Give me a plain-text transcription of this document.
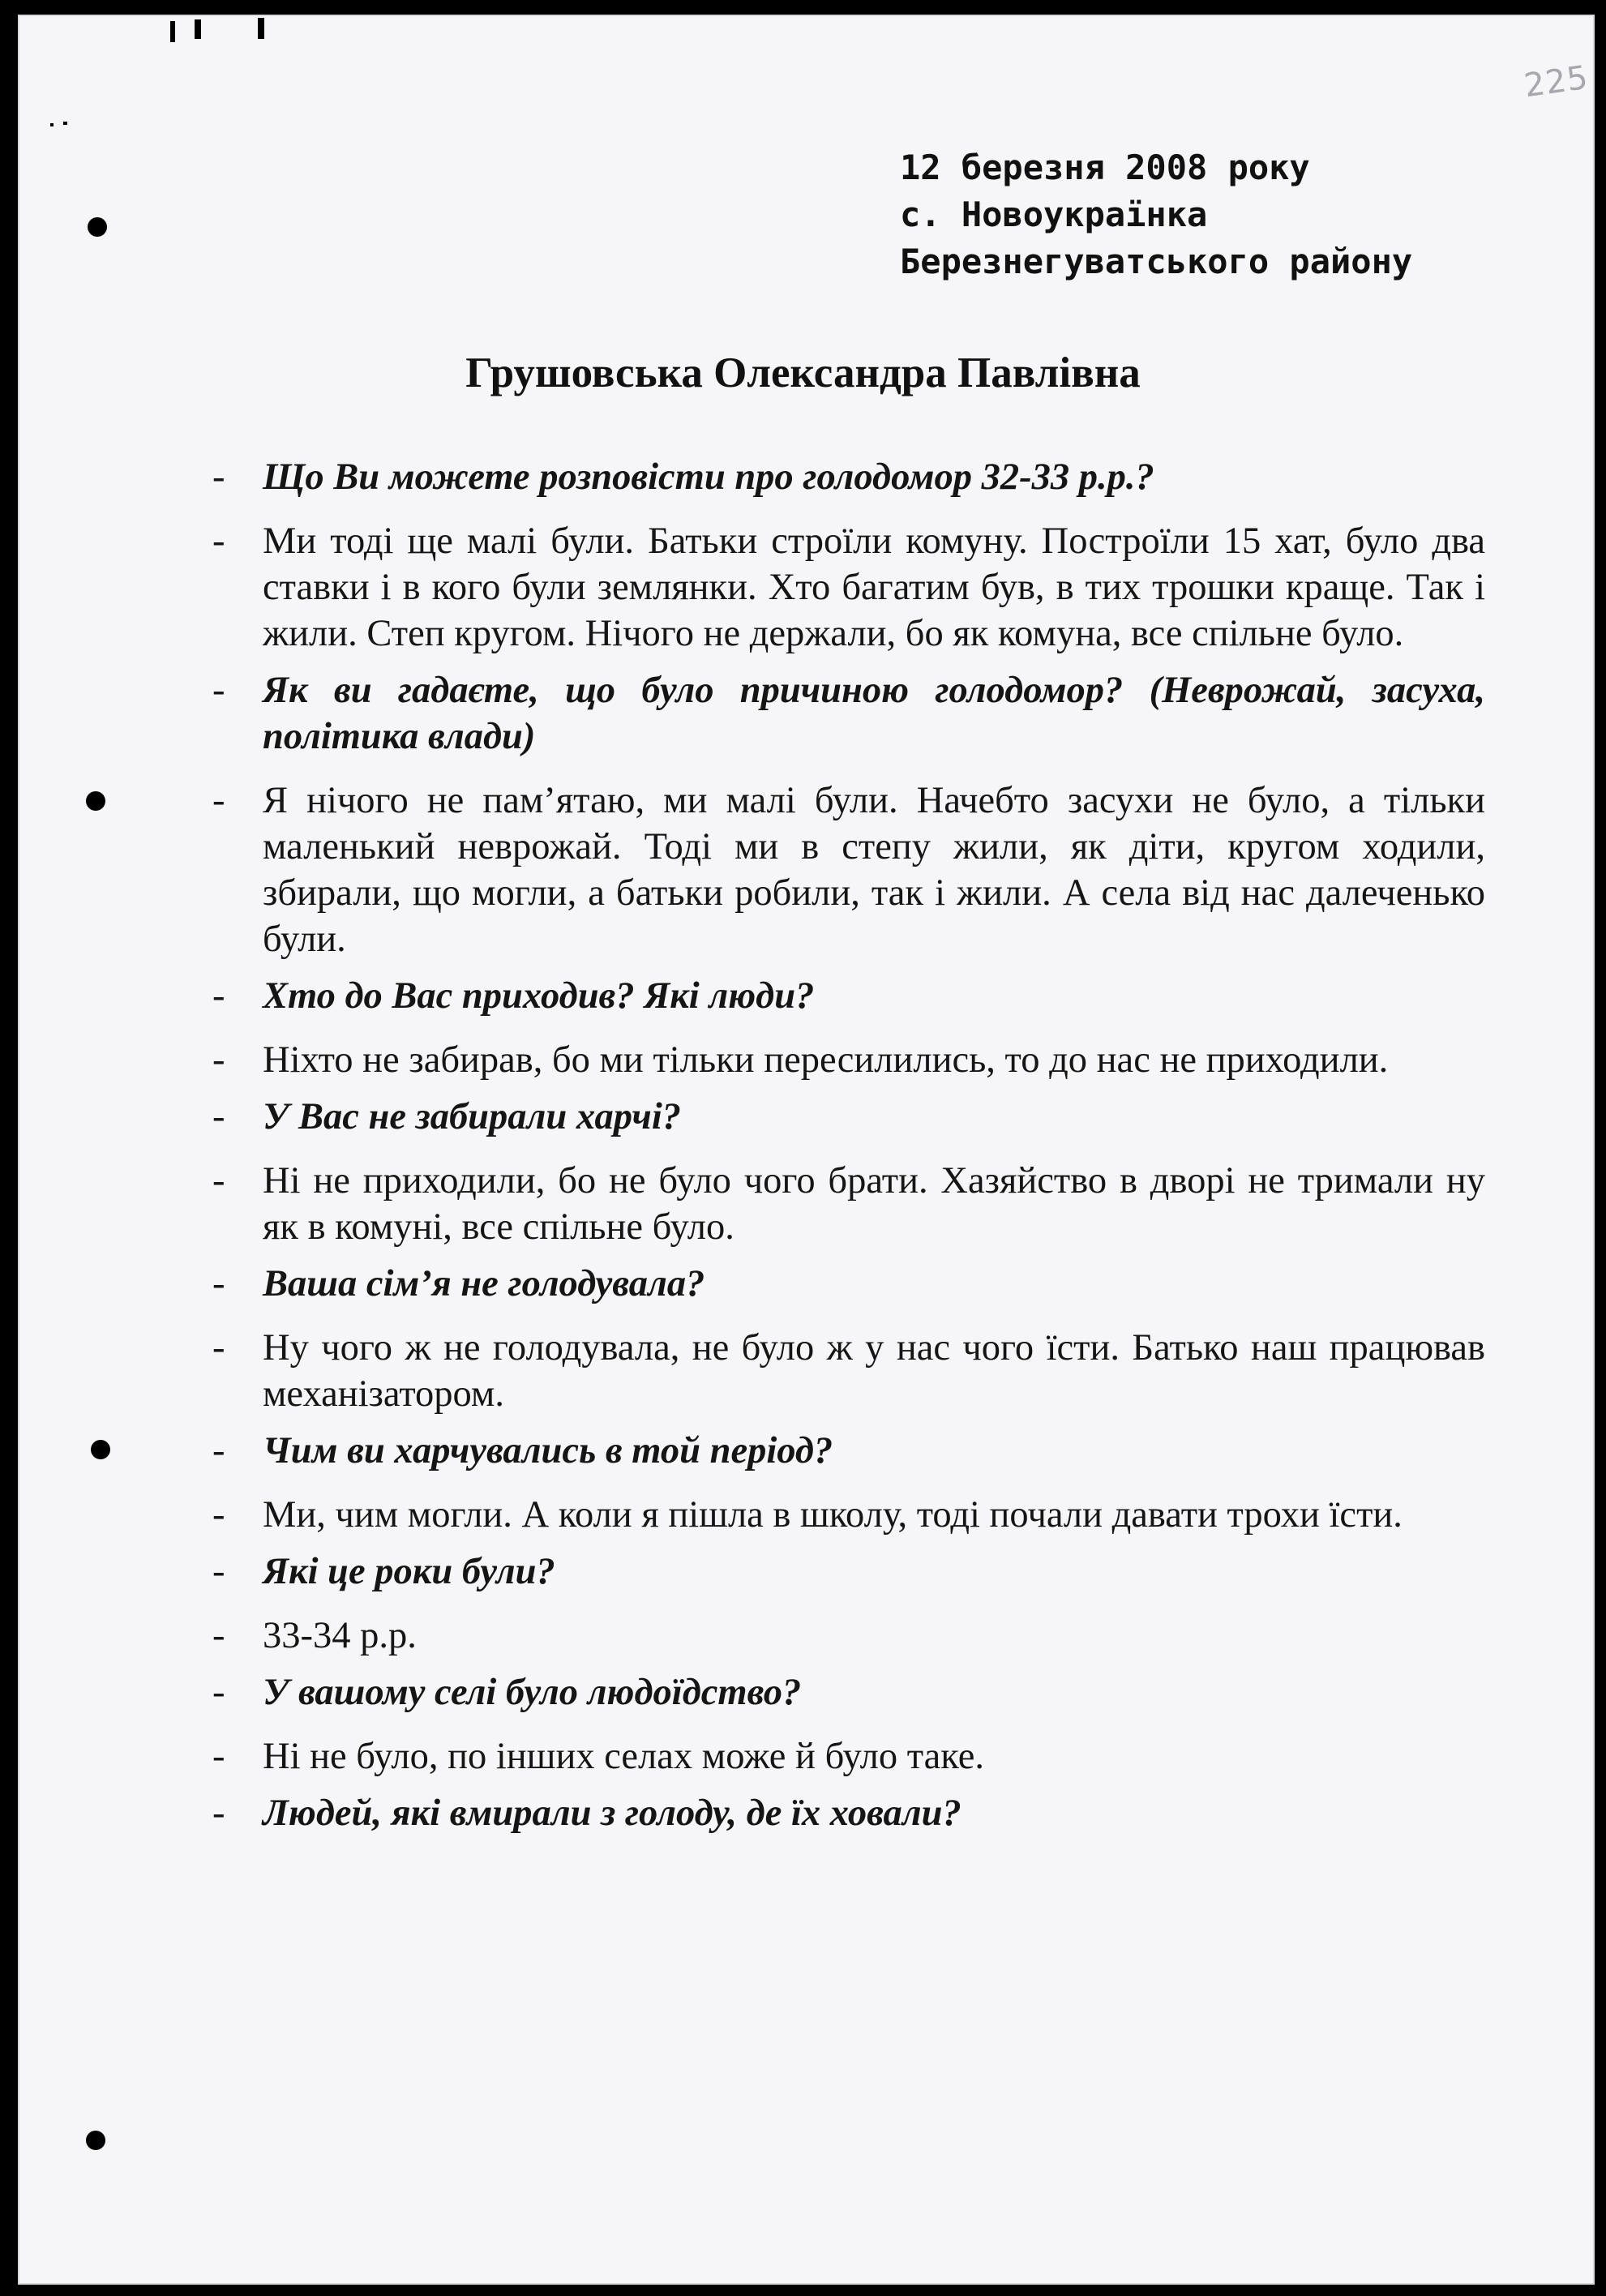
225
12 березня 2008 року
с. Новоукраїнка
Березнегуватського району
Грушовська Олександра Павлівна
- Що Ви можете розповісти про голодомор 32-33 р.р.?
- Ми тоді ще малі були. Батьки строїли комуну. Построїли 15 хат, було два ставки і в кого були землянки. Хто багатим був, в тих трошки краще. Так і жили. Степ кругом. Нічого не держали, бо як комуна, все спільне було.
- Як ви гадаєте, що було причиною голодомор? (Неврожай, засуха, політика влади)
- Я нічого не пам’ятаю, ми малі були. Начебто засухи не було, а тільки маленький неврожай. Тоді ми в степу жили, як діти, кругом ходили, збирали, що могли, а батьки робили, так і жили. А села від нас далеченько були.
- Хто до Вас приходив? Які люди?
- Ніхто не забирав, бо ми тільки пересилились, то до нас не приходили.
- У Вас не забирали харчі?
- Ні не приходили, бо не було чого брати. Хазяйство в дворі не тримали ну як в комуні, все спільне було.
- Ваша сім’я не голодувала?
- Ну чого ж не голодувала, не було ж у нас чого їсти. Батько наш працював механізатором.
- Чим ви харчувались в той період?
- Ми, чим могли. А коли я пішла в школу, тоді почали давати трохи їсти.
- Які це роки були?
- 33-34 р.р.
- У вашому селі було людоїдство?
- Ні не було, по інших селах може й було таке.
- Людей, які вмирали з голоду, де їх ховали?
